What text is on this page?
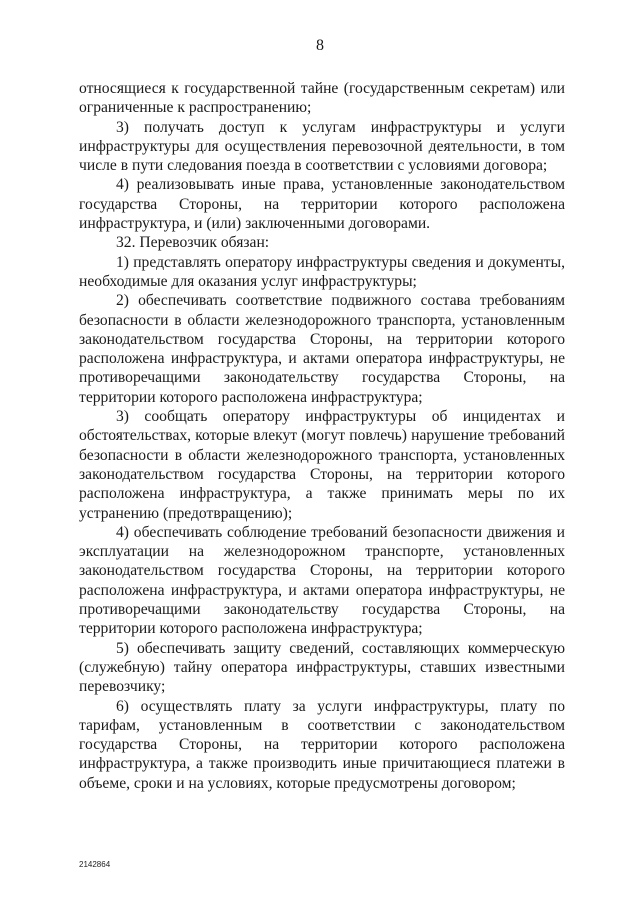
8

относящиеся к государственной тайне (государственным секретам) или ограниченные к распространению;

3) получать доступ к услугам инфраструктуры и услуги инфраструктуры для осуществления перевозочной деятельности, в том числе в пути следования поезда в соответствии с условиями договора;

4) реализовывать иные права, установленные законодательством государства Стороны, на территории которого расположена инфраструктура, и (или) заключенными договорами.

32. Перевозчик обязан:

1) представлять оператору инфраструктуры сведения и документы, необходимые для оказания услуг инфраструктуры;

2) обеспечивать соответствие подвижного состава требованиям безопасности в области железнодорожного транспорта, установленным законодательством государства Стороны, на территории которого расположена инфраструктура, и актами оператора инфраструктуры, не противоречащими законодательству государства Стороны, на территории которого расположена инфраструктура;

3) сообщать оператору инфраструктуры об инцидентах и обстоятельствах, которые влекут (могут повлечь) нарушение требований безопасности в области железнодорожного транспорта, установленных законодательством государства Стороны, на территории которого расположена инфраструктура, а также принимать меры по их устранению (предотвращению);

4) обеспечивать соблюдение требований безопасности движения и эксплуатации на железнодорожном транспорте, установленных законодательством государства Стороны, на территории которого расположена инфраструктура, и актами оператора инфраструктуры, не противоречащими законодательству государства Стороны, на территории которого расположена инфраструктура;

5) обеспечивать защиту сведений, составляющих коммерческую (служебную) тайну оператора инфраструктуры, ставших известными перевозчику;

6) осуществлять плату за услуги инфраструктуры, плату по тарифам, установленным в соответствии с законодательством государства Стороны, на территории которого расположена инфраструктура, а также производить иные причитающиеся платежи в объеме, сроки и на условиях, которые предусмотрены договором;

2142864
